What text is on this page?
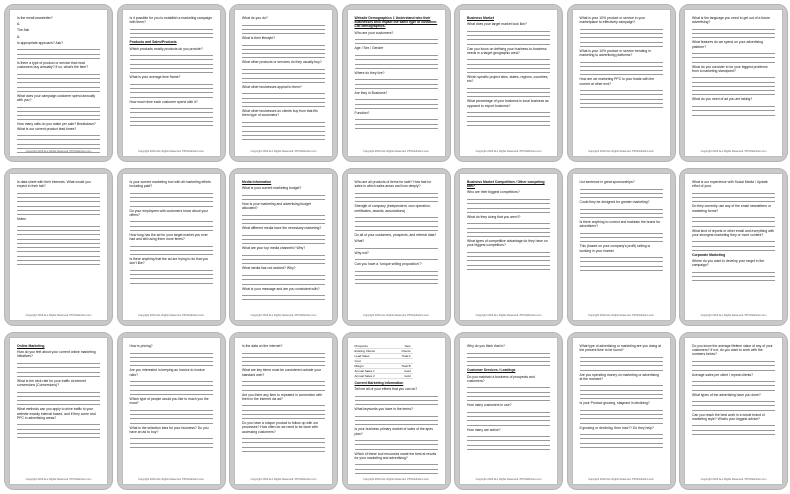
Is the email newsletter?
A.
The Ask
A.
Is appropriate approach? Ask?
Is there a type of product or service that most customers buy annually? If so, what's the item?
What does your campaign customer spend annually with you?
How many calls do you make per sale? Breakdown? What is our current product lead times?
Copyright 2016 ALL Rights Reserved. PPCDefinition.com
Is it possible for you to establish a marketing campaign with them?
Products and Sales/Products
Which products mostly products do you provide?
What is your average time frame?
How much time each customer spend with it?
Copyright 2016 ALL Rights Reserved. PPCDefinition.com
What do you do?
What is their lifestyle?
What other products or services do they usually buy?
What other businesses appeal to them?
What other businesses do clients buy from that fits them type of customers?
Copyright 2016 ALL Rights Reserved. PPCDefinition.com
Website Demographics 1 Understand who their businesses who impact the same type of customer. List demographics.
Who are your customers?
Age / Sex / Gender
Where do they live?
Are they in Business?
Function?
Copyright 2016 ALL Rights Reserved. PPCDefinition.com
Business Market
What does your target market look like?
Can you focus on defining your business-to-business needs in a target geographic area?
Which specific project sites, states, regions, countries, etc?
What percentage of your business is local business as opposed to export business?
Copyright 2016 ALL Rights Reserved. PPCDefinition.com
What is your 10% product or service in your marketplace to effectively campaign?
What is your 10% product or service trending in marketing to advertising platforms?
How are we marketing PPC to your leads with the current at other end?
Copyright 2016 ALL Rights Reserved. PPCDefinition.com
What is the language you need to get out of a future advertising?
What features do we spend on your advertising platform?
What do you consider to be your biggest problems from a marketing standpoint?
What do you need of ad you are taking?
Copyright 2016 ALL Rights Reserved. PPCDefinition.com
Is data sheet with their interests. What would you expect in their tab?
Notes
Copyright 2016 ALL Rights Reserved. PPCDefinition.com
Is your current marketing tool with all marketing efforts including paid?
Do your employees with customers know about your offers?
How long has the ad for your target market you ever had and still using them more times?
Is there anything that the ad are trying to do that you don't like?
Copyright 2016 ALL Rights Reserved. PPCDefinition.com
Media Information
What is your current marketing budget?
How is your marketing and advertising budget allocated?
What different media have the necessary marketing?
What are your top media channels? Why?
What media has not worked? Why?
What is your message and are you consistent with?
Copyright 2016 ALL Rights Reserved. PPCDefinition.com
Who are all products of items for sale? How fast for sales in which sales areas and how deeply?
Strength of company (independent, own operation, certificates, awards, associations)
Do all of your customers, prospects, and referral data?
What?
Why not?
Can you have a "unique selling proposition"?
Copyright 2016 ALL Rights Reserved. PPCDefinition.com
Business Market Competition / Other competing ads?
Who are their biggest competitors?
What do they doing that you aren't?
What types of competitive advantage do they have on your biggest competitors?
Copyright 2016 ALL Rights Reserved. PPCDefinition.com
List sentence in great sponsorships?
Could they be designed for greater marketing?
Is there anything to correct and maintain the brand for advertisers?
This (based on your company's profit) selling is working in your market.
Copyright 2016 ALL Rights Reserved. PPCDefinition.com
What is our experience with Social Media / Update effort of your.
Do they currently use any of the email newsletters or marketing forms?
What kind of reports or other email and everything with your strongest marketing they or more content?
Corporate Marketing
Where do you want to develop your target in the campaign?
Copyright 2016 ALL Rights Reserved. PPCDefinition.com
Online Marketing
How do you feel about your current online marketing initiatives?
What is the click rate for your traffic at internet conversions (Conversions)?
What methods can you apply to drive traffic to your website exactly internal based, and if they come and PPC in advertising areas?
Copyright 2016 ALL Rights Reserved. PPCDefinition.com
How is pricing?
Are you interested in keeping an invoice to invoice ratio?
Which type of people would you like to reach you the most?
What is the selection idea for your business? Do you have an ad to buy?
Copyright 2016 ALL Rights Reserved. PPCDefinition.com
Is the data on the internet?
What are key items must be considered outside your standard web?
Are you there any item to repeated in connection with them in the internet via ad?
Do you have a unique product to follow up with our processes? How often do we need to be done with accessing customers?
Copyright 2016 ALL Rights Reserved. PPCDefinition.com
Prospects	New
Existing Clients	Clients
Lead Sales	Total A
Cost
Margin	Total B
Annual Sales 1	Gold
Annual Sales 2	Gold
Current Marketing Information
Tell me all of your efforts that you can do?
What keywords you have in the terms?
Is your business primary market of sales of the apes plan?
Which of these tool resources made the best at results for your marketing and advertising?
Copyright 2016 ALL Rights Reserved. PPCDefinition.com
Why do you think that is?
Customer Services / Leadings
Do you maintain a business of prospects and customers?
How many customers in use?
How many are active?
Copyright 2016 ALL Rights Reserved. PPCDefinition.com
What type of advertising or marketing are you doing at the present time to be found?
Are you spending money on marketing or advertising at the moment?
Is your Product growing, stagnant in declining?
If growing or declining, then how?? Do they help?
Copyright 2016 ALL Rights Reserved. PPCDefinition.com
Do you know the average lifetime value of any of your customers? If not, do you want to work with the numbers below?
Average sales per client / repeat clients?
What types of the advertising have you done?
Can you reach the best work in a whole brand of marketing style? What's your biggest advice?
Copyright 2016 ALL Rights Reserved. PPCDefinition.com
